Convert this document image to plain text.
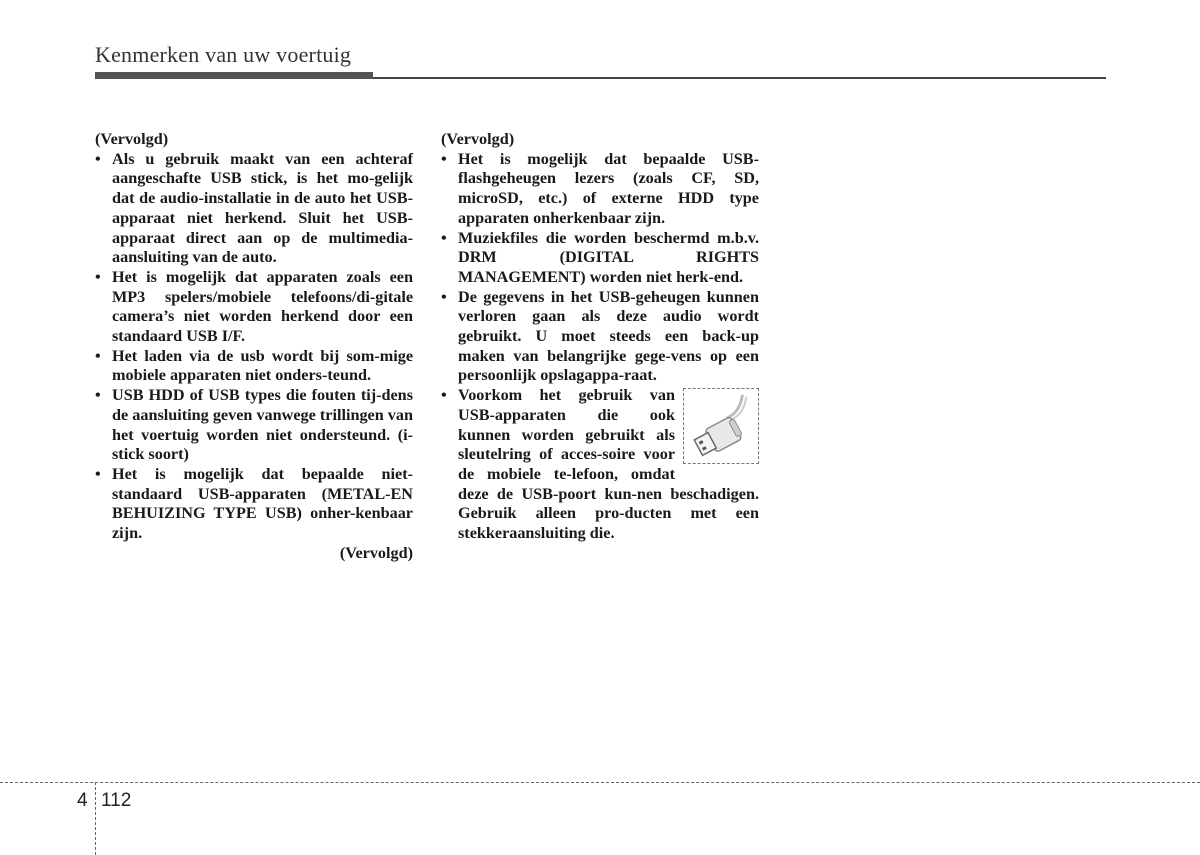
Kenmerken van uw voertuig
(Vervolgd)
• Als u gebruik maakt van een achteraf aangeschafte USB stick, is het mo-gelijk dat de audio-installatie in de auto het USB-apparaat niet herkend. Sluit het USB-apparaat direct aan op de multimedia-aansluiting van de auto.
• Het is mogelijk dat apparaten zoals een MP3 spelers/mobiele telefoons/di-gitale camera’s niet worden herkend door een standaard USB I/F.
• Het laden via de usb wordt bij som-mige mobiele apparaten niet onders-teund.
• USB HDD of USB types die fouten tij-dens de aansluiting geven vanwege trillingen van het voertuig worden niet ondersteund. (i-stick soort)
• Het is mogelijk dat bepaalde niet-standaard USB-apparaten (METAL-EN BEHUIZING TYPE USB) onher-kenbaar zijn.
(Vervolgd)
(Vervolgd)
• Het is mogelijk dat bepaalde USB-flashgeheugen lezers (zoals CF, SD, microSD, etc.) of externe HDD type apparaten onherkenbaar zijn.
• Muziekfiles die worden beschermd m.b.v. DRM (DIGITAL RIGHTS MANAGEMENT) worden niet herk-end.
• De gegevens in het USB-geheugen kunnen verloren gaan als deze audio wordt gebruikt. U moet steeds een back-up maken van belangrijke gege-vens op een persoonlijk opslagappa-raat.
• Voorkom het gebruik van USB-apparaten die ook kunnen worden gebruikt als sleutelring of acces-soire voor de mobiele te-lefoon, omdat deze de USB-poort kun-nen beschadigen. Gebruik alleen pro-ducten met een stekkeraansluiting die.
4 112
